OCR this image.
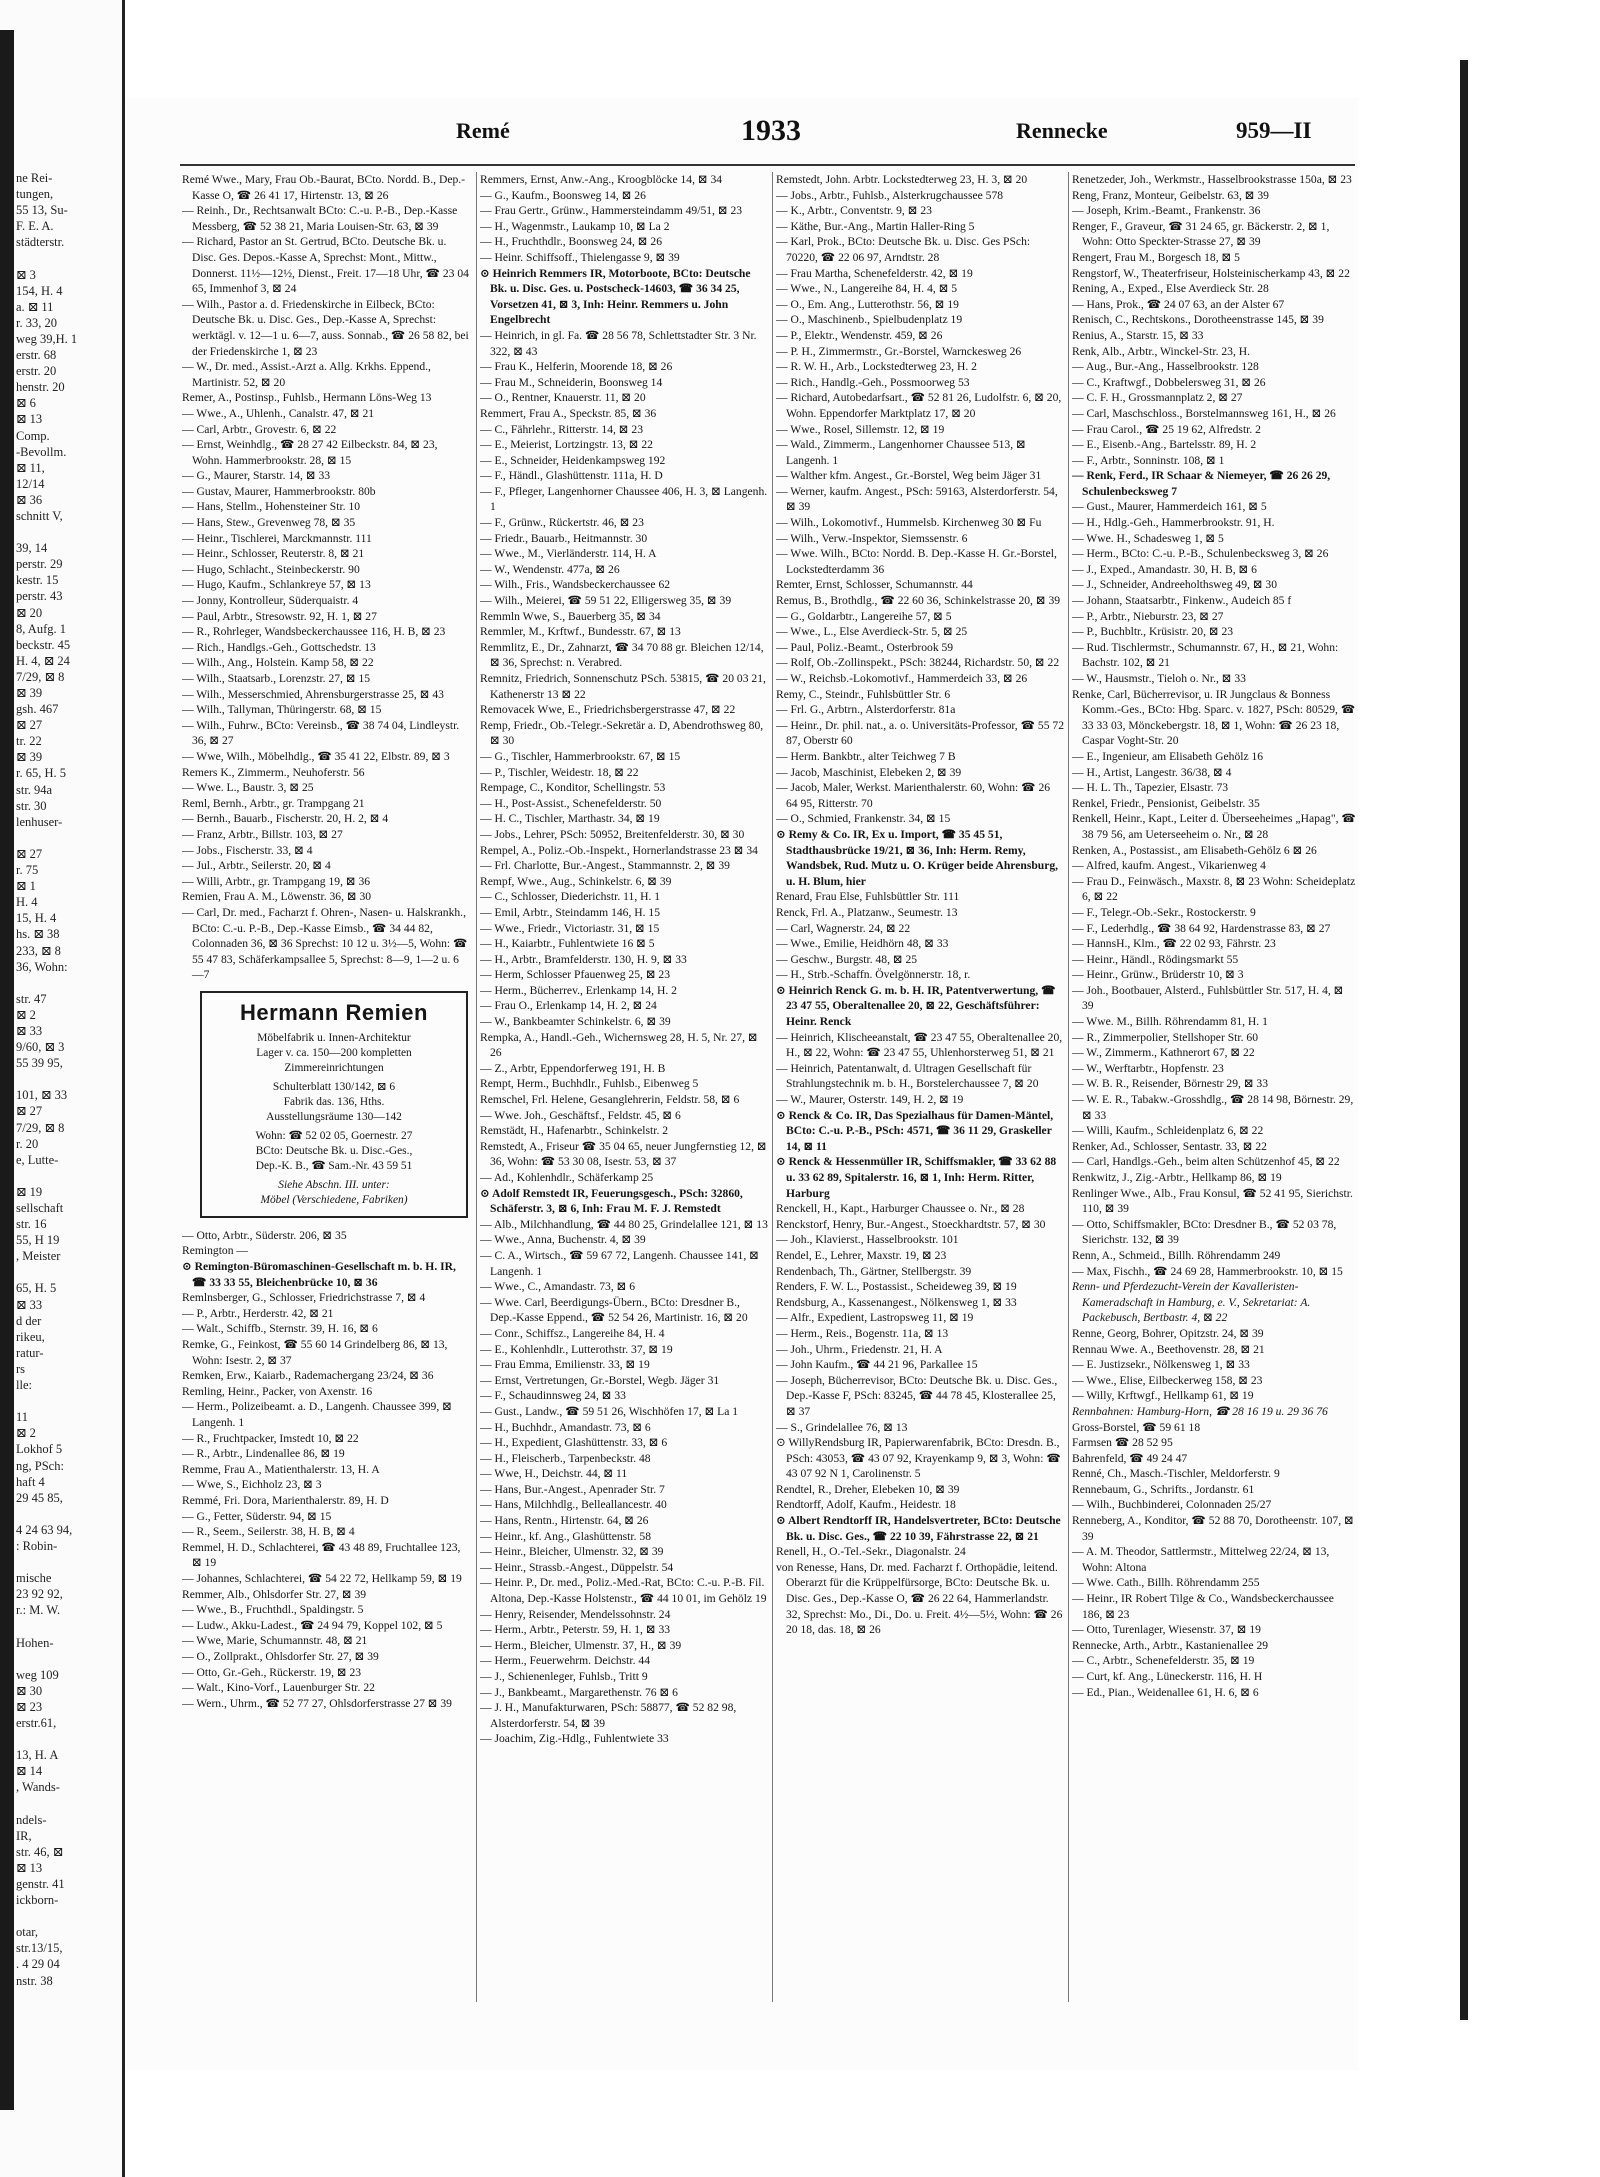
ne Rei-
tungen,
55 13, Su-
F. E. A.
städterstr.

⊠ 3
154, H. 4
a. ⊠ 11
r. 33, 20
weg 39,H. 1
erstr. 68
erstr. 20
henstr. 20
⊠ 6
⊠ 13
Comp.
-Bevollm.
⊠ 11,
12/14
⊠ 36
schnitt V,

39, 14
perstr. 29
kestr. 15
perstr. 43
⊠ 20
8, Aufg. 1
beckstr. 45
H. 4, ⊠ 24
7/29, ⊠ 8
⊠ 39
gsh. 467
⊠ 27
tr. 22
⊠ 39
r. 65, H. 5
str. 94a
str. 30
lenhuser-

⊠ 27
r. 75
⊠ 1
H. 4
15, H. 4
hs. ⊠ 38
233, ⊠ 8
36, Wohn:

str. 47
⊠ 2
⊠ 33
9/60, ⊠ 3
55 39 95,

101, ⊠ 33
⊠ 27
7/29, ⊠ 8
r. 20
e, Lutte-

⊠ 19
sellschaft
str. 16
55, H 19
, Meister

65, H. 5
⊠ 33
d der
rikeu,
ratur-
rs
lle:

11
⊠ 2
Lokhof 5
ng, PSch:
haft 4
29 45 85,

4 24 63 94,
: Robin-

mische
23 92 92,
r.: M. W.

Hohen-

weg 109
⊠ 30
⊠ 23
erstr.61,

13, H. A
⊠ 14
, Wands-

ndels-
IR,
str. 46, ⊠
⊠ 13
genstr. 41
ickborn-

otar,
str.13/15,
. 4 29 04
nstr. 38
Remé	1933	Rennecke	959—II

Remé Wwe., Mary, Frau Ob.-Baurat, BCto. Nordd. B., Dep.-Kasse O, ☎ 26 41 17, Hirtenstr. 13, ⊠ 26

— Reinh., Dr., Rechtsanwalt BCto: C.-u. P.-B., Dep.-Kasse Messberg, ☎ 52 38 21, Maria Louisen-Str. 63, ⊠ 39

— Richard, Pastor an St. Gertrud, BCto. Deutsche Bk. u. Disc. Ges. Depos.-Kasse A, Sprechst: Mont., Mittw., Donnerst. 11½—12½, Dienst., Freit. 17—18 Uhr, ☎ 23 04 65, Immenhof 3, ⊠ 24

— Wilh., Pastor a. d. Friedenskirche in Eilbeck, BCto: Deutsche Bk. u. Disc. Ges., Dep.-Kasse A, Sprechst: werktägl. v. 12—1 u. 6—7, auss. Sonnab., ☎ 26 58 82, bei der Friedenskirche 1, ⊠ 23

— W., Dr. med., Assist.-Arzt a. Allg. Krkhs. Eppend., Martinistr. 52, ⊠ 20

Remer, A., Postinsp., Fuhlsb., Hermann Löns-Weg 13

— Wwe., A., Uhlenh., Canalstr. 47, ⊠ 21

— Carl, Arbtr., Grovestr. 6, ⊠ 22

— Ernst, Weinhdlg., ☎ 28 27 42 Eilbeckstr. 84, ⊠ 23, Wohn. Hammerbrookstr. 28, ⊠ 15

— G., Maurer, Starstr. 14, ⊠ 33

— Gustav, Maurer, Hammerbrookstr. 80b

— Hans, Stellm., Hohensteiner Str. 10

— Hans, Stew., Grevenweg 78, ⊠ 35

— Heinr., Tischlerei, Marckmannstr. 111

— Heinr., Schlosser, Reuterstr. 8, ⊠ 21

— Hugo, Schlacht., Steinbeckerstr. 90

— Hugo, Kaufm., Schlankreye 57, ⊠ 13

— Jonny, Kontrolleur, Süderquaistr. 4

— Paul, Arbtr., Stresowstr. 92, H. 1, ⊠ 27

— R., Rohrleger, Wandsbeckerchaussee 116, H. B, ⊠ 23

— Rich., Handlgs.-Geh., Gottschedstr. 13

— Wilh., Ang., Holstein. Kamp 58, ⊠ 22

— Wilh., Staatsarb., Lorenzstr. 27, ⊠ 15

— Wilh., Messerschmied, Ahrensburgerstrasse 25, ⊠ 43

— Wilh., Tallyman, Thüringerstr. 68, ⊠ 15

— Wilh., Fuhrw., BCto: Vereinsb., ☎ 38 74 04, Lindleystr. 36, ⊠ 27

— Wwe, Wilh., Möbelhdlg., ☎ 35 41 22, Elbstr. 89, ⊠ 3

Remers K., Zimmerm., Neuhoferstr. 56

— Wwe. L., Baustr. 3, ⊠ 25

Reml, Bernh., Arbtr., gr. Trampgang 21

— Bernh., Bauarb., Fischerstr. 20, H. 2, ⊠ 4

— Franz, Arbtr., Billstr. 103, ⊠ 27

— Jobs., Fischerstr. 33, ⊠ 4

— Jul., Arbtr., Seilerstr. 20, ⊠ 4

— Willi, Arbtr., gr. Trampgang 19, ⊠ 36

Remien, Frau A. M., Löwenstr. 36, ⊠ 30

— Carl, Dr. med., Facharzt f. Ohren-, Nasen- u. Halskrankh., BCto: C.-u. P.-B., Dep.-Kasse Eimsb., ☎ 34 44 82, Colonnaden 36, ⊠ 36 Sprechst: 10 12 u. 3½—5, Wohn: ☎ 55 47 83, Schäferkampsallee 5, Sprechst: 8—9, 1—2 u. 6—7

Hermann Remien
Möbelfabrik u. Innen-Architektur
Lager v. ca. 150—200 kompletten
Zimmereinrichtungen
Schulterblatt 130/142, ⊠ 6
Fabrik das. 136, Hths.
Ausstellungsräume 130—142
Wohn: ☎ 52 02 05, Goernestr. 27
BCto: Deutsche Bk. u. Disc.-Ges.,
Dep.-K. B., ☎ Sam.-Nr. 43 59 51
Siehe Abschn. III. unter:
Möbel (Verschiedene, Fabriken)

— Otto, Arbtr., Süderstr. 206, ⊠ 35

Remington —

⊙ Remington-Büromaschinen-Gesellschaft m. b. H. IR, ☎ 33 33 55, Bleichenbrücke 10, ⊠ 36

Remlnsberger, G., Schlosser, Friedrichstrasse 7, ⊠ 4

— P., Arbtr., Herderstr. 42, ⊠ 21

— Walt., Schiffb., Sternstr. 39, H. 16, ⊠ 6

Remke, G., Feinkost, ☎ 55 60 14 Grindelberg 86, ⊠ 13, Wohn: Isestr. 2, ⊠ 37

Remken, Erw., Kaiarb., Rademachergang 23/24, ⊠ 36

Remling, Heinr., Packer, von Axenstr. 16

— Herm., Polizeibeamt. a. D., Langenh. Chaussee 399, ⊠ Langenh. 1

— R., Fruchtpacker, Imstedt 10, ⊠ 22

— R., Arbtr., Lindenallee 86, ⊠ 19

Remme, Frau A., Matienthalerstr. 13, H. A

— Wwe, S., Eichholz 23, ⊠ 3

Remmé, Fri. Dora, Marienthalerstr. 89, H. D

— G., Fetter, Süderstr. 94, ⊠ 15

— R., Seem., Seilerstr. 38, H. B, ⊠ 4

Remmel, H. D., Schlachterei, ☎ 43 48 89, Fruchtallee 123, ⊠ 19

— Johannes, Schlachterei, ☎ 54 22 72, Hellkamp 59, ⊠ 19

Remmer, Alb., Ohlsdorfer Str. 27, ⊠ 39

— Wwe., B., Fruchthdl., Spaldingstr. 5

— Ludw., Akku-Ladest., ☎ 24 94 79, Koppel 102, ⊠ 5

— Wwe, Marie, Schumannstr. 48, ⊠ 21

— O., Zollprakt., Ohlsdorfer Str. 27, ⊠ 39

— Otto, Gr.-Geh., Rückerstr. 19, ⊠ 23

— Walt., Kino-Vorf., Lauenburger Str. 22

— Wern., Uhrm., ☎ 52 77 27, Ohlsdorferstrasse 27 ⊠ 39

Remmers, Ernst, Anw.-Ang., Kroogblöcke 14, ⊠ 34

— G., Kaufm., Boonsweg 14, ⊠ 26

— Frau Gertr., Grünw., Hammersteindamm 49/51, ⊠ 23

— H., Wagenmstr., Laukamp 10, ⊠ La 2

— H., Fruchthdlr., Boonsweg 24, ⊠ 26

— Heinr. Schiffsoff., Thielengasse 9, ⊠ 39

⊙ Heinrich Remmers IR, Motorboote, BCto: Deutsche Bk. u. Disc. Ges. u. Postscheck-14603, ☎ 36 34 25, Vorsetzen 41, ⊠ 3, Inh: Heinr. Remmers u. John Engelbrecht

— Heinrich, in gl. Fa. ☎ 28 56 78, Schlettstadter Str. 3 Nr. 322, ⊠ 43

— Frau K., Helferin, Moorende 18, ⊠ 26

— Frau M., Schneiderin, Boonsweg 14

— O., Rentner, Knauerstr. 11, ⊠ 20

Remmert, Frau A., Speckstr. 85, ⊠ 36

— C., Fährlehr., Ritterstr. 14, ⊠ 23

— E., Meierist, Lortzingstr. 13, ⊠ 22

— E., Schneider, Heidenkampsweg 192

— F., Händl., Glashüttenstr. 111a, H. D

— F., Pfleger, Langenhorner Chaussee 406, H. 3, ⊠ Langenh. 1

— F., Grünw., Rückertstr. 46, ⊠ 23

— Friedr., Bauarb., Heitmannstr. 30

— Wwe., M., Vierländerstr. 114, H. A

— W., Wendenstr. 477a, ⊠ 26

— Wilh., Fris., Wandsbeckerchaussee 62

— Wilh., Meierei, ☎ 59 51 22, Elligersweg 35, ⊠ 39

Remmln Wwe, S., Bauerberg 35, ⊠ 34

Remmler, M., Krftwf., Bundesstr. 67, ⊠ 13

Remmlitz, E., Dr., Zahnarzt, ☎ 34 70 88 gr. Bleichen 12/14, ⊠ 36, Sprechst: n. Verabred.

Remnitz, Friedrich, Sonnenschutz PSch. 53815, ☎ 20 03 21, Kathenerstr 13 ⊠ 22

Removacek Wwe, E., Friedrichsbergerstrasse 47, ⊠ 22

Remp, Friedr., Ob.-Telegr.-Sekretär a. D, Abendrothsweg 80, ⊠ 30

— G., Tischler, Hammerbrookstr. 67, ⊠ 15

— P., Tischler, Weidestr. 18, ⊠ 22

Rempage, C., Konditor, Schellingstr. 53

— H., Post-Assist., Schenefelderstr. 50

— H. C., Tischler, Marthastr. 34, ⊠ 19

— Jobs., Lehrer, PSch: 50952, Breitenfelderstr. 30, ⊠ 30

Rempel, A., Poliz.-Ob.-Inspekt., Hornerlandstrasse 23 ⊠ 34

— Frl. Charlotte, Bur.-Angest., Stammannstr. 2, ⊠ 39

Rempf, Wwe., Aug., Schinkelstr. 6, ⊠ 39

— C., Schlosser, Diederichstr. 11, H. 1

— Emil, Arbtr., Steindamm 146, H. 15

— Wwe., Friedr., Victoriastr. 31, ⊠ 15

— H., Kaiarbtr., Fuhlentwiete 16 ⊠ 5

— H., Arbtr., Bramfelderstr. 130, H. 9, ⊠ 33

— Herm, Schlosser Pfauenweg 25, ⊠ 23

— Herm., Bücherrev., Erlenkamp 14, H. 2

— Frau O., Erlenkamp 14, H. 2, ⊠ 24

— W., Bankbeamter Schinkelstr. 6, ⊠ 39

Rempka, A., Handl.-Geh., Wichernsweg 28, H. 5, Nr. 27, ⊠ 26

— Z., Arbtr, Eppendorferweg 191, H. B

Rempt, Herm., Buchhdlr., Fuhlsb., Eibenweg 5

Remschel, Frl. Helene, Gesanglehrerin, Feldstr. 58, ⊠ 6

— Wwe. Joh., Geschäftsf., Feldstr. 45, ⊠ 6

Remstädt, H., Hafenarbtr., Schinkelstr. 2

Remstedt, A., Friseur ☎ 35 04 65, neuer Jungfernstieg 12, ⊠ 36, Wohn: ☎ 53 30 08, Isestr. 53, ⊠ 37

— Ad., Kohlenhdlr., Schäferkamp 25

⊙ Adolf Remstedt IR, Feuerungsgesch., PSch: 32860, Schäferstr. 3, ⊠ 6, Inh: Frau M. F. J. Remstedt

— Alb., Milchhandlung, ☎ 44 80 25, Grindelallee 121, ⊠ 13

— Wwe., Anna, Buchenstr. 4, ⊠ 39

— C. A., Wirtsch., ☎ 59 67 72, Langenh. Chaussee 141, ⊠ Langenh. 1

— Wwe., C., Amandastr. 73, ⊠ 6

— Wwe. Carl, Beerdigungs-Übern., BCto: Dresdner B., Dep.-Kasse Eppend., ☎ 52 54 26, Martinistr. 16, ⊠ 20

— Conr., Schiffsz., Langereihe 84, H. 4

— E., Kohlenhdlr., Lutterothstr. 37, ⊠ 19

— Frau Emma, Emilienstr. 33, ⊠ 19

— Ernst, Vertretungen, Gr.-Borstel, Wegb. Jäger 31

— F., Schaudinnsweg 24, ⊠ 33

— Gust., Landw., ☎ 59 51 26, Wischhöfen 17, ⊠ La 1

— H., Buchhdr., Amandastr. 73, ⊠ 6

— H., Expedient, Glashüttenstr. 33, ⊠ 6

— H., Fleischerb., Tarpenbeckstr. 48

— Wwe, H., Deichstr. 44, ⊠ 11

— Hans, Bur.-Angest., Apenrader Str. 7

— Hans, Milchhdlg., Belleallancestr. 40

— Hans, Rentn., Hirtenstr. 64, ⊠ 26

— Heinr., kf. Ang., Glashüttenstr. 58

— Heinr., Bleicher, Ulmenstr. 32, ⊠ 39

— Heinr., Strassb.-Angest., Düppelstr. 54

— Heinr. P., Dr. med., Poliz.-Med.-Rat, BCto: C.-u. P.-B. Fil. Altona, Dep.-Kasse Holstenstr., ☎ 44 10 01, im Gehölz 19

— Henry, Reisender, Mendelssohnstr. 24

— Herm., Arbtr., Peterstr. 59, H. 1, ⊠ 33

— Herm., Bleicher, Ulmenstr. 37, H., ⊠ 39

— Herm., Feuerwehrm. Deichstr. 44

— J., Schienenleger, Fuhlsb., Tritt 9

— J., Bankbeamt., Margarethenstr. 76 ⊠ 6

— J. H., Manufakturwaren, PSch: 58877, ☎ 52 82 98, Alsterdorferstr. 54, ⊠ 39

— Joachim, Zig.-Hdlg., Fuhlentwiete 33

Remstedt, John. Arbtr. Lockstedterweg 23, H. 3, ⊠ 20

— Jobs., Arbtr., Fuhlsb., Alsterkrugchaussee 578

— K., Arbtr., Conventstr. 9, ⊠ 23

— Käthe, Bur.-Ang., Martin Haller-Ring 5

— Karl, Prok., BCto: Deutsche Bk. u. Disc. Ges PSch: 70220, ☎ 22 06 97, Arndtstr. 28

— Frau Martha, Schenefelderstr. 42, ⊠ 19

— Wwe., N., Langereihe 84, H. 4, ⊠ 5

— O., Em. Ang., Lutterothstr. 56, ⊠ 19

— O., Maschinenb., Spielbudenplatz 19

— P., Elektr., Wendenstr. 459, ⊠ 26

— P. H., Zimmermstr., Gr.-Borstel, Warnckesweg 26

— R. W. H., Arb., Lockstedterweg 23, H. 2

— Rich., Handlg.-Geh., Possmoorweg 53

— Richard, Autobedarfsart., ☎ 52 81 26, Ludolfstr. 6, ⊠ 20, Wohn. Eppendorfer Marktplatz 17, ⊠ 20

— Wwe., Rosel, Sillemstr. 12, ⊠ 19

— Wald., Zimmerm., Langenhorner Chaussee 513, ⊠ Langenh. 1

— Walther kfm. Angest., Gr.-Borstel, Weg beim Jäger 31

— Werner, kaufm. Angest., PSch: 59163, Alsterdorferstr. 54, ⊠ 39

— Wilh., Lokomotivf., Hummelsb. Kirchenweg 30 ⊠ Fu

— Wilh., Verw.-Inspektor, Siemssenstr. 6

— Wwe. Wilh., BCto: Nordd. B. Dep.-Kasse H. Gr.-Borstel, Lockstedterdamm 36

Remter, Ernst, Schlosser, Schumannstr. 44

Remus, B., Brothdlg., ☎ 22 60 36, Schinkelstrasse 20, ⊠ 39

— G., Goldarbtr., Langereihe 57, ⊠ 5

— Wwe., L., Else Averdieck-Str. 5, ⊠ 25

— Paul, Poliz.-Beamt., Osterbrook 59

— Rolf, Ob.-Zollinspekt., PSch: 38244, Richardstr. 50, ⊠ 22

— W., Reichsb.-Lokomotivf., Hammerdeich 33, ⊠ 26

Remy, C., Steindr., Fuhlsbüttler Str. 6

— Frl. G., Arbtrn., Alsterdorferstr. 81a

— Heinr., Dr. phil. nat., a. o. Universitäts-Professor, ☎ 55 72 87, Oberstr 60

— Herm. Bankbtr., alter Teichweg 7 B

— Jacob, Maschinist, Elebeken 2, ⊠ 39

— Jacob, Maler, Werkst. Marienthalerstr. 60, Wohn: ☎ 26 64 95, Ritterstr. 70

— O., Schmied, Frankenstr. 34, ⊠ 15

⊙ Remy & Co. IR, Ex u. Import, ☎ 35 45 51, Stadthausbrücke 19/21, ⊠ 36, Inh: Herm. Remy, Wandsbek, Rud. Mutz u. O. Krüger beide Ahrensburg, u. H. Blum, hier

Renard, Frau Else, Fuhlsbüttler Str. 111

Renck, Frl. A., Platzanw., Seumestr. 13

— Carl, Wagnerstr. 24, ⊠ 22

— Wwe., Emilie, Heidhörn 48, ⊠ 33

— Geschw., Burgstr. 48, ⊠ 25

— H., Strb.-Schaffn. Övelgönnerstr. 18, r.

⊙ Heinrich Renck G. m. b. H. IR, Patentverwertung, ☎ 23 47 55, Oberaltenallee 20, ⊠ 22, Geschäftsführer: Heinr. Renck

— Heinrich, Klischeeanstalt, ☎ 23 47 55, Oberaltenallee 20, H., ⊠ 22, Wohn: ☎ 23 47 55, Uhlenhorsterweg 51, ⊠ 21

— Heinrich, Patentanwalt, d. Ultragen Gesellschaft für Strahlungstechnik m. b. H., Borstelerchaussee 7, ⊠ 20

— W., Maurer, Osterstr. 149, H. 2, ⊠ 19

⊙ Renck & Co. IR, Das Spezialhaus für Damen-Mäntel, BCto: C.-u. P.-B., PSch: 4571, ☎ 36 11 29, Graskeller 14, ⊠ 11

⊙ Renck & Hessenmüller IR, Schiffsmakler, ☎ 33 62 88 u. 33 62 89, Spitalerstr. 16, ⊠ 1, Inh: Herm. Ritter, Harburg

Renckell, H., Kapt., Harburger Chaussee o. Nr., ⊠ 28

Renckstorf, Henry, Bur.-Angest., Stoeckhardtstr. 57, ⊠ 30

— Joh., Klavierst., Hasselbrookstr. 101

Rendel, E., Lehrer, Maxstr. 19, ⊠ 23

Rendenbach, Th., Gärtner, Stellbergstr. 39

Renders, F. W. L., Postassist., Scheideweg 39, ⊠ 19

Rendsburg, A., Kassenangest., Nölkensweg 1, ⊠ 33

— Alfr., Expedient, Lastropsweg 11, ⊠ 19

— Herm., Reis., Bogenstr. 11a, ⊠ 13

— Joh., Uhrm., Friedenstr. 21, H. A

— John Kaufm., ☎ 44 21 96, Parkallee 15

— Joseph, Bücherrevisor, BCto: Deutsche Bk. u. Disc. Ges., Dep.-Kasse F, PSch: 83245, ☎ 44 78 45, Klosterallee 25, ⊠ 37

— S., Grindelallee 76, ⊠ 13

⊙ WillyRendsburg IR, Papierwarenfabrik, BCto: Dresdn. B., PSch: 43053, ☎ 43 07 92, Krayenkamp 9, ⊠ 3, Wohn: ☎ 43 07 92 N 1, Carolinenstr. 5

Rendtel, R., Dreher, Elebeken 10, ⊠ 39

Rendtorff, Adolf, Kaufm., Heidestr. 18

⊙ Albert Rendtorff IR, Handelsvertreter, BCto: Deutsche Bk. u. Disc. Ges., ☎ 22 10 39, Fährstrasse 22, ⊠ 21

Renell, H., O.-Tel.-Sekr., Diagonalstr. 24

von Renesse, Hans, Dr. med. Facharzt f. Orthopädie, leitend. Oberarzt für die Krüppelfürsorge, BCto: Deutsche Bk. u. Disc. Ges., Dep.-Kasse O, ☎ 26 22 64, Hammerlandstr. 32, Sprechst: Mo., Di., Do. u. Freit. 4½—5½, Wohn: ☎ 26 20 18, das. 18, ⊠ 26

Renetzeder, Joh., Werkmstr., Hasselbrookstrasse 150a, ⊠ 23

Reng, Franz, Monteur, Geibelstr. 63, ⊠ 39

— Joseph, Krim.-Beamt., Frankenstr. 36

Renger, F., Graveur, ☎ 31 24 65, gr. Bäckerstr. 2, ⊠ 1, Wohn: Otto Speckter-Strasse 27, ⊠ 39

Rengert, Frau M., Borgesch 18, ⊠ 5

Rengstorf, W., Theaterfriseur, Holsteinischerkamp 43, ⊠ 22

Rening, A., Exped., Else Averdieck Str. 28

— Hans, Prok., ☎ 24 07 63, an der Alster 67

Renisch, C., Rechtskons., Dorotheenstrasse 145, ⊠ 39

Renius, A., Starstr. 15, ⊠ 33

Renk, Alb., Arbtr., Winckel-Str. 23, H.

— Aug., Bur.-Ang., Hasselbrookstr. 128

— C., Kraftwgf., Dobbelersweg 31, ⊠ 26

— C. F. H., Grossmannplatz 2, ⊠ 27

— Carl, Maschschloss., Borstelmannsweg 161, H., ⊠ 26

— Frau Carol., ☎ 25 19 62, Alfredstr. 2

— E., Eisenb.-Ang., Bartelsstr. 89, H. 2

— F., Arbtr., Sonninstr. 108, ⊠ 1

— Renk, Ferd., IR Schaar & Niemeyer, ☎ 26 26 29, Schulenbecksweg 7

— Gust., Maurer, Hammerdeich 161, ⊠ 5

— H., Hdlg.-Geh., Hammerbrookstr. 91, H.

— Wwe. H., Schadesweg 1, ⊠ 5

— Herm., BCto: C.-u. P.-B., Schulenbecksweg 3, ⊠ 26

— J., Exped., Amandastr. 30, H. B, ⊠ 6

— J., Schneider, Andreeholthsweg 49, ⊠ 30

— Johann, Staatsarbtr., Finkenw., Audeich 85 f

— P., Arbtr., Nieburstr. 23, ⊠ 27

— P., Buchbltr., Krüsistr. 20, ⊠ 23

— Rud. Tischlermstr., Schumannstr. 67, H., ⊠ 21, Wohn: Bachstr. 102, ⊠ 21

— W., Hausmstr., Tieloh o. Nr., ⊠ 33

Renke, Carl, Bücherrevisor, u. IR Jungclaus & Bonness Komm.-Ges., BCto: Hbg. Sparc. v. 1827, PSch: 80529, ☎ 33 33 03, Mönckebergstr. 18, ⊠ 1, Wohn: ☎ 26 23 18, Caspar Voght-Str. 20

— E., Ingenieur, am Elisabeth Gehölz 16

— H., Artist, Langestr. 36/38, ⊠ 4

— H. L. Th., Tapezier, Elsastr. 73

Renkel, Friedr., Pensionist, Geibelstr. 35

Renkell, Heinr., Kapt., Leiter d. Überseeheimes „Hapag", ☎ 38 79 56, am Ueterseeheim o. Nr., ⊠ 28

Renken, A., Postassist., am Elisabeth-Gehölz 6 ⊠ 26

— Alfred, kaufm. Angest., Vikarienweg 4

— Frau D., Feinwäsch., Maxstr. 8, ⊠ 23 Wohn: Scheideplatz 6, ⊠ 22

— F., Telegr.-Ob.-Sekr., Rostockerstr. 9

— F., Lederhdlg., ☎ 38 64 92, Hardenstrasse 83, ⊠ 27

— HannsH., Klm., ☎ 22 02 93, Fährstr. 23

— Heinr., Händl., Rödingsmarkt 55

— Heinr., Grünw., Brüderstr 10, ⊠ 3

— Joh., Bootbauer, Alsterd., Fuhlsbüttler Str. 517, H. 4, ⊠ 39

— Wwe. M., Billh. Röhrendamm 81, H. 1

— R., Zimmerpolier, Stellshoper Str. 60

— W., Zimmerm., Kathnerort 67, ⊠ 22

— W., Werftarbtr., Hopfenstr. 23

— W. B. R., Reisender, Börnestr 29, ⊠ 33

— W. E. R., Tabakw.-Grosshdlg., ☎ 28 14 98, Börnestr. 29, ⊠ 33

— Willi, Kaufm., Schleidenplatz 6, ⊠ 22

Renker, Ad., Schlosser, Sentastr. 33, ⊠ 22

— Carl, Handlgs.-Geh., beim alten Schützenhof 45, ⊠ 22

Renkwitz, J., Zig.-Arbtr., Hellkamp 86, ⊠ 19

Renlinger Wwe., Alb., Frau Konsul, ☎ 52 41 95, Sierichstr. 110, ⊠ 39

— Otto, Schiffsmakler, BCto: Dresdner B., ☎ 52 03 78, Sierichstr. 132, ⊠ 39

Renn, A., Schmeid., Billh. Röhrendamm 249

— Max, Fischh., ☎ 24 69 28, Hammerbrookstr. 10, ⊠ 15

Renn- und Pferdezucht-Verein der Kavalleristen-Kameradschaft in Hamburg, e. V., Sekretariat: A. Packebusch, Bertbastr. 4, ⊠ 22

Renne, Georg, Bohrer, Opitzstr. 24, ⊠ 39

Rennau Wwe. A., Beethovenstr. 28, ⊠ 21

— E. Justizsekr., Nölkensweg 1, ⊠ 33

— Wwe., Elise, Eilbeckerweg 158, ⊠ 23

— Willy, Krftwgf., Hellkamp 61, ⊠ 19

Rennbahnen: Hamburg-Horn, ☎ 28 16 19 u. 29 36 76

Gross-Borstel, ☎ 59 61 18

Farmsen ☎ 28 52 95

Bahrenfeld, ☎ 49 24 47

Renné, Ch., Masch.-Tischler, Meldorferstr. 9

Rennebaum, G., Schrifts., Jordanstr. 61

— Wilh., Buchbinderei, Colonnaden 25/27

Renneberg, A., Konditor, ☎ 52 88 70, Dorotheenstr. 107, ⊠ 39

— A. M. Theodor, Sattlermstr., Mittelweg 22/24, ⊠ 13, Wohn: Altona

— Wwe. Cath., Billh. Röhrendamm 255

— Heinr., IR Robert Tilge & Co., Wandsbeckerchaussee 186, ⊠ 23

— Otto, Turenlager, Wiesenstr. 37, ⊠ 19

Rennecke, Arth., Arbtr., Kastanienallee 29

— C., Arbtr., Schenefelderstr. 35, ⊠ 19

— Curt, kf. Ang., Lüneckerstr. 116, H. H

— Ed., Pian., Weidenallee 61, H. 6, ⊠ 6
